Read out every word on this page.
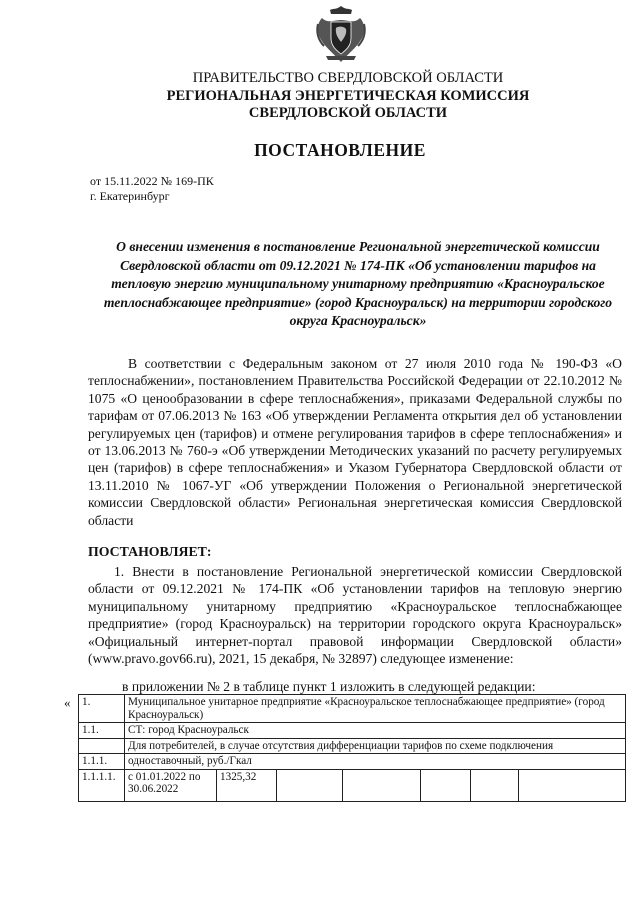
ПРАВИТЕЛЬСТВО СВЕРДЛОВСКОЙ ОБЛАСТИ
РЕГИОНАЛЬНАЯ ЭНЕРГЕТИЧЕСКАЯ КОМИССИЯ
СВЕРДЛОВСКОЙ ОБЛАСТИ
ПОСТАНОВЛЕНИЕ
от 15.11.2022 № 169-ПК
г. Екатеринбург
О внесении изменения в постановление Региональной энергетической комиссии Свердловской области от 09.12.2021 № 174-ПК «Об установлении тарифов на тепловую энергию муниципальному унитарному предприятию «Красноуральское теплоснабжающее предприятие» (город Красноуральск) на территории городского округа Красноуральск»
В соответствии с Федеральным законом от 27 июля 2010 года № 190-ФЗ «О теплоснабжении», постановлением Правительства Российской Федерации от 22.10.2012 № 1075 «О ценообразовании в сфере теплоснабжения», приказами Федеральной службы по тарифам от 07.06.2013 № 163 «Об утверждении Регламента открытия дел об установлении регулируемых цен (тарифов) и отмене регулирования тарифов в сфере теплоснабжения» и от 13.06.2013 № 760-э «Об утверждении Методических указаний по расчету регулируемых цен (тарифов) в сфере теплоснабжения» и Указом Губернатора Свердловской области от 13.11.2010 № 1067-УГ «Об утверждении Положения о Региональной энергетической комиссии Свердловской области» Региональная энергетическая комиссия Свердловской области
ПОСТАНОВЛЯЕТ:
1. Внести в постановление Региональной энергетической комиссии Свердловской области от 09.12.2021 № 174-ПК «Об установлении тарифов на тепловую энергию муниципальному унитарному предприятию «Красноуральское теплоснабжающее предприятие» (город Красноуральск) на территории городского округа Красноуральск» «Официальный интернет-портал правовой информации Свердловской области» (www.pravo.gov66.ru), 2021, 15 декабря, № 32897) следующее изменение:
в приложении № 2 в таблице пункт 1 изложить в следующей редакции:
« 1.	Муниципальное унитарное предприятие «Красноуральское теплоснабжающее предприятие» (город Красноуральск)						
1.1.	СТ: город Красноуральск						
	Для потребителей, в случае отсутствия дифференциации тарифов по схеме подключения						
1.1.1.	одноставочный, руб./Гкал						
1.1.1.1.	с 01.01.2022 по 30.06.2022	1325,32					
